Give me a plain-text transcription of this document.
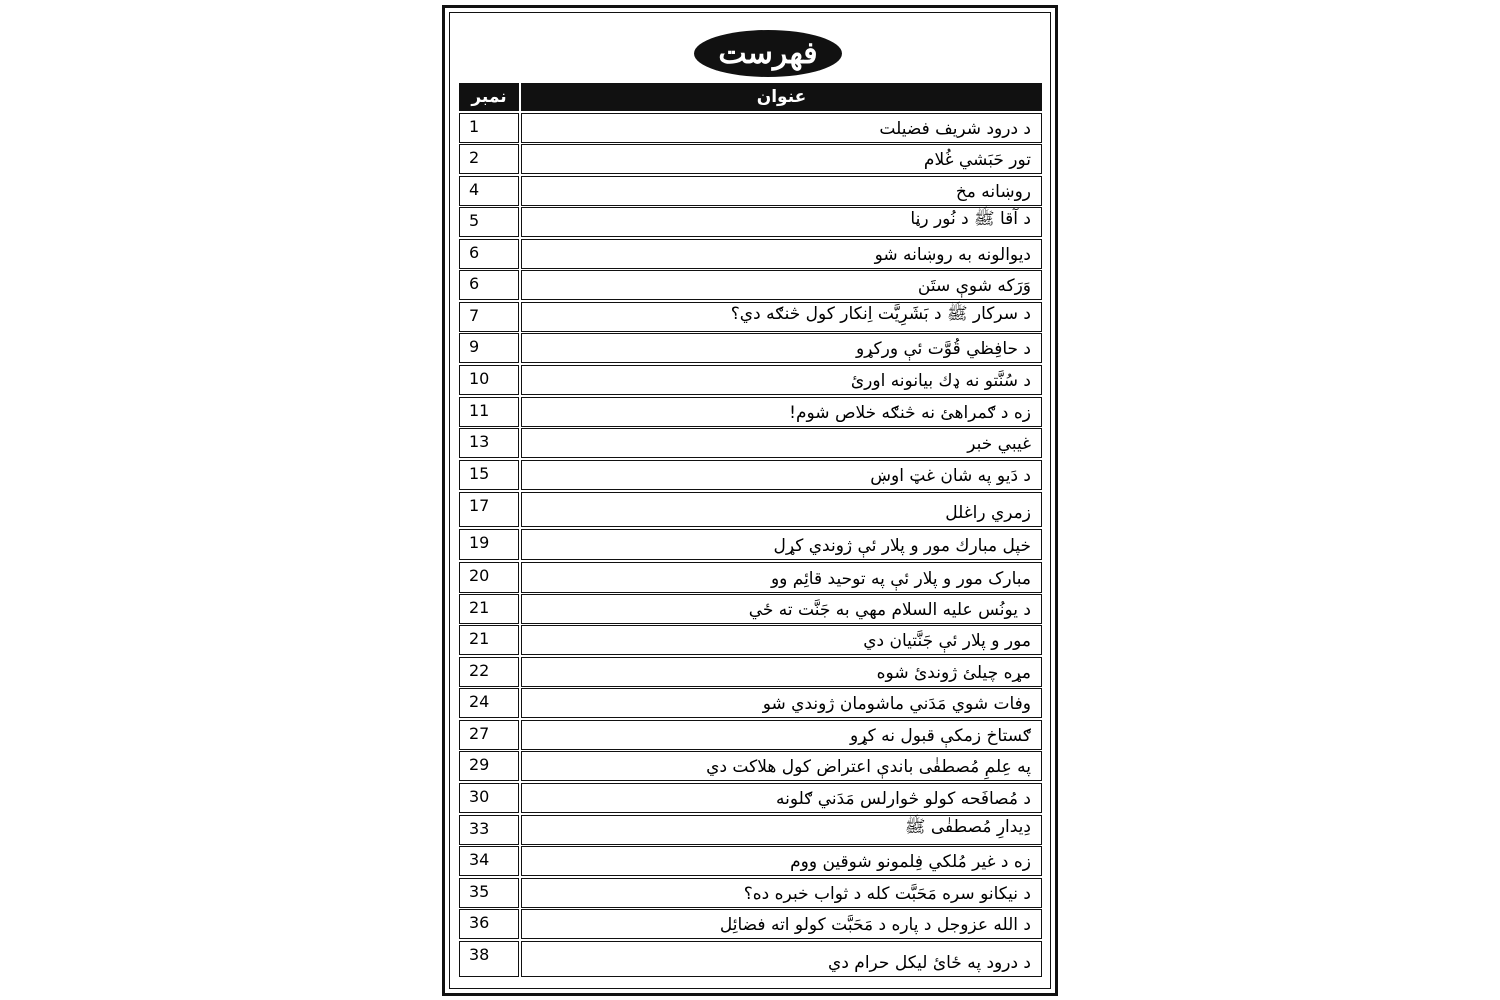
فهرست
نمبر	عنوان
1	د درود شریف فضیلت
2	تور حَبَشي غُلام
4	روښانه مخ
5	د آقا ﷺ د نُور رڼا
6	دیوالونه به روښانه شو
6	وَرَکه شوې ستَن
7	د سرکار ﷺ د بَشَرِیَّت اِنکار کول څنګه دي؟
9	د حافِظي قُوَّت ئې ورکړو
10	د سُنَّتو نه ډك بیانونه اورئ
11	زه د ګمراهئ نه څنګه خلاص شوم!
13	غیبي خبر
15	د دَیو په شان غټ اوښ
17	زمري راغلل
19	خپل مبارك مور و پلار ئې ژوندي کړل
20	مبارک مور و پلار ئې په توحید قائِم وو
21	د یونُس علیه السلام مهي به جَنَّت ته ځي
21	مور و پلار ئې جَنَّتیان دي
22	مړه چیلئ ژوندئ شوه
24	وفات شوي مَدَني ماشومان ژوندي شو
27	ګستاخ زمکې قبول نه کړو
29	په عِلمِ مُصطفٰی باندې اعتراض کول هلاکت دي
30	د مُصافَحه کولو څوارلس مَدَني ګلونه
33	دِیدارِ مُصطفٰی ﷺ
34	زه د غیر مُلکي فِلمونو شوقین ووم
35	د نیکانو سره مَحَبَّت کله د ثواب خبره ده؟
36	د الله عزوجل د پاره د مَحَبَّت کولو اته فضائِل
38	د درود په ځائ لیکل حرام دي
